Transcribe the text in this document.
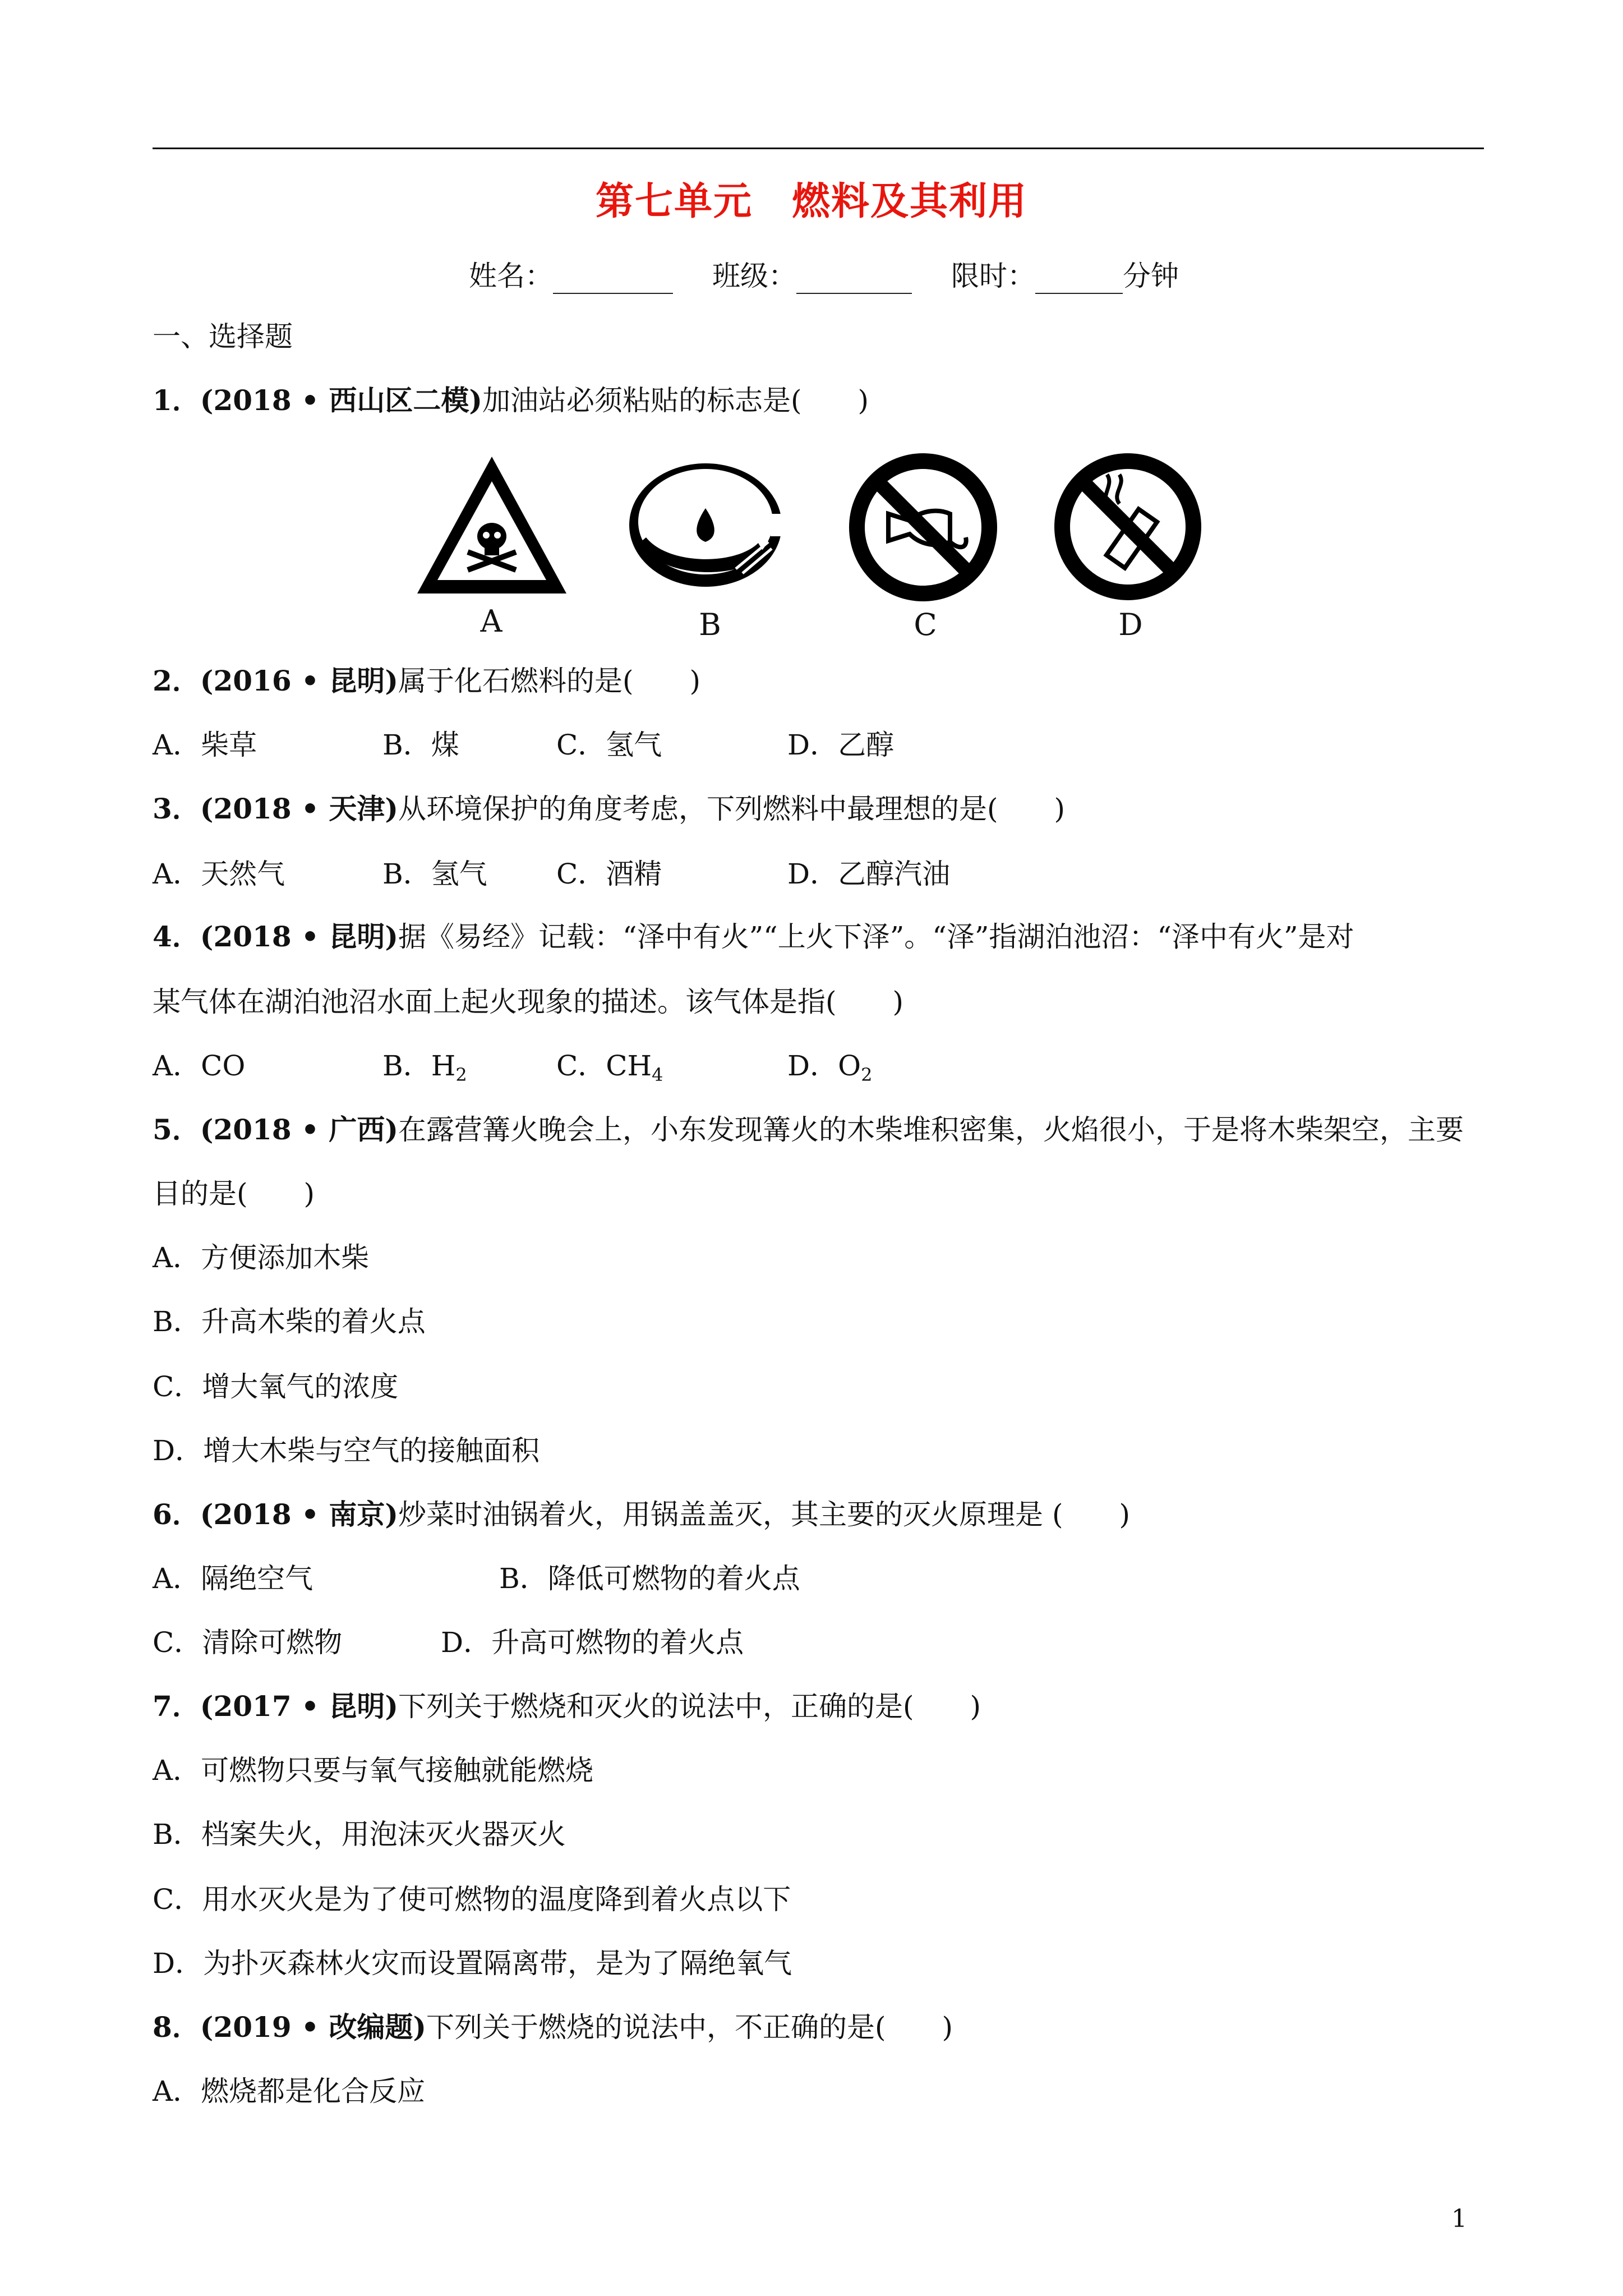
第七单元 燃料及其利用
姓名：	班级：	限时：	分钟
一、选择题
1．(2018 • 西山区二模)加油站必须粘贴的标志是(　　)
A	B	C	D
2．(2016 • 昆明)属于化石燃料的是(　　)
A．柴草	B．煤	C．氢气	D．乙醇
3．(2018 • 天津)从环境保护的角度考虑，下列燃料中最理想的是(　　)
A．天然气	B．氢气 C．酒精	D．乙醇汽油
4．(2018 • 昆明)据《易经》记载：“泽中有火”“上火下泽”。“泽”指湖泊池沼：“泽中有火”是对
某气体在湖泊池沼水面上起火现象的描述。该气体是指(　　)
A．CO	B．$H_2$	C．$CH_4$	D．$O_2$
5．(2018 • 广西)在露营篝火晚会上，小东发现篝火的木柴堆积密集，火焰很小，于是将木柴架空，主要
目的是(　　)
A．方便添加木柴
B．升高木柴的着火点
C．增大氧气的浓度
D．增大木柴与空气的接触面积
6．(2018 • 南京)炒菜时油锅着火，用锅盖盖灭，其主要的灭火原理是 (　　)
A．隔绝空气	B．降低可燃物的着火点
C．清除可燃物	D．升高可燃物的着火点
7．(2017 • 昆明)下列关于燃烧和灭火的说法中，正确的是(　　)
A．可燃物只要与氧气接触就能燃烧
B．档案失火，用泡沫灭火器灭火
C．用水灭火是为了使可燃物的温度降到着火点以下
D．为扑灭森林火灾而设置隔离带，是为了隔绝氧气
8．(2019 • 改编题)下列关于燃烧的说法中，不正确的是(　　)
A．燃烧都是化合反应
1
